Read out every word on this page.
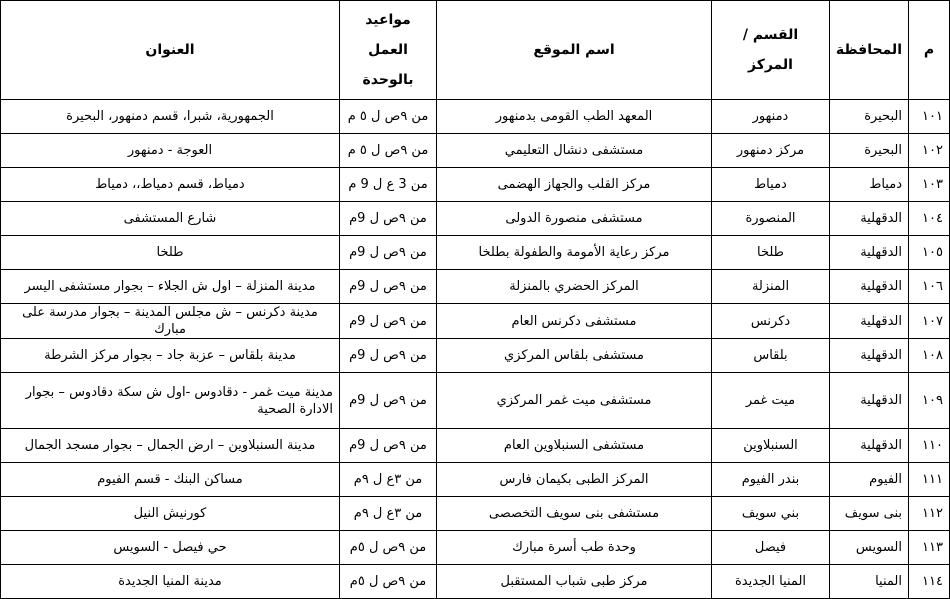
م	المحافظة	القسم / المركز	اسم الموقع	مواعيد العمل بالوحدة	العنوان
١٠١	البحيرة	دمنهور	المعهد الطب القومى بدمنهور	من ٩ص ل ٥ م	الجمهورية، شبرا، قسم دمنهور، البحيرة
١٠٢	البحيرة	مركز دمنهور	مستشفى دنشال التعليمي	من ٩ص ل ٥ م	العوجة - دمنهور
١٠٣	دمياط	دمياط	مركز القلب والجهاز الهضمى	من 3 ع ل 9 م	دمياط، قسم دمياط،، دمياط
١٠٤	الدقهلية	المنصورة	مستشفى منصورة الدولى	من ٩ص ل 9م	شارع المستشفى
١٠٥	الدقهلية	طلخا	مركز رعاية الأمومة والطفولة بطلخا	من ٩ص ل 9م	طلخا
١٠٦	الدقهلية	المنزلة	المركز الحضري بالمنزلة	من ٩ص ل 9م	مدينة المنزلة – اول ش الجلاء – بجوار مستشفى اليسر
١٠٧	الدقهلية	دكرنس	مستشفى دكرنس العام	من ٩ص ل 9م	مدينة دكرنس – ش مجلس المدينة – بجوار مدرسة على مبارك
١٠٨	الدقهلية	بلقاس	مستشفى بلقاس المركزي	من ٩ص ل 9م	مدينة بلقاس – عزبة جاد – بجوار مركز الشرطة
١٠٩	الدقهلية	ميت غمر	مستشفى ميت غمر المركزي	من ٩ص ل 9م	مدينة ميت غمر - دقادوس -اول ش سكة دقادوس – بجوار الادارة الصحية
١١٠	الدقهلية	السنبلاوين	مستشفى السنبلاوين العام	من ٩ص ل 9م	مدينة السنبلاوين – ارض الجمال – بجوار مسجد الجمال
١١١	الفيوم	بندر الفيوم	المركز الطبى بكيمان فارس	من ٣ع ل ٩م	مساكن البنك - قسم الفيوم
١١٢	بنى سويف	بني سويف	مستشفى بنى سويف التخصصى	من ٣ع ل ٩م	كورنيش النيل
١١٣	السويس	فيصل	وحدة طب أسرة مبارك	من ٩ص ل ٥م	حي فيصل - السويس
١١٤	المنيا	المنيا الجديدة	مركز طبى شباب المستقبل	من ٩ص ل ٥م	مدينة المنيا الجديدة
